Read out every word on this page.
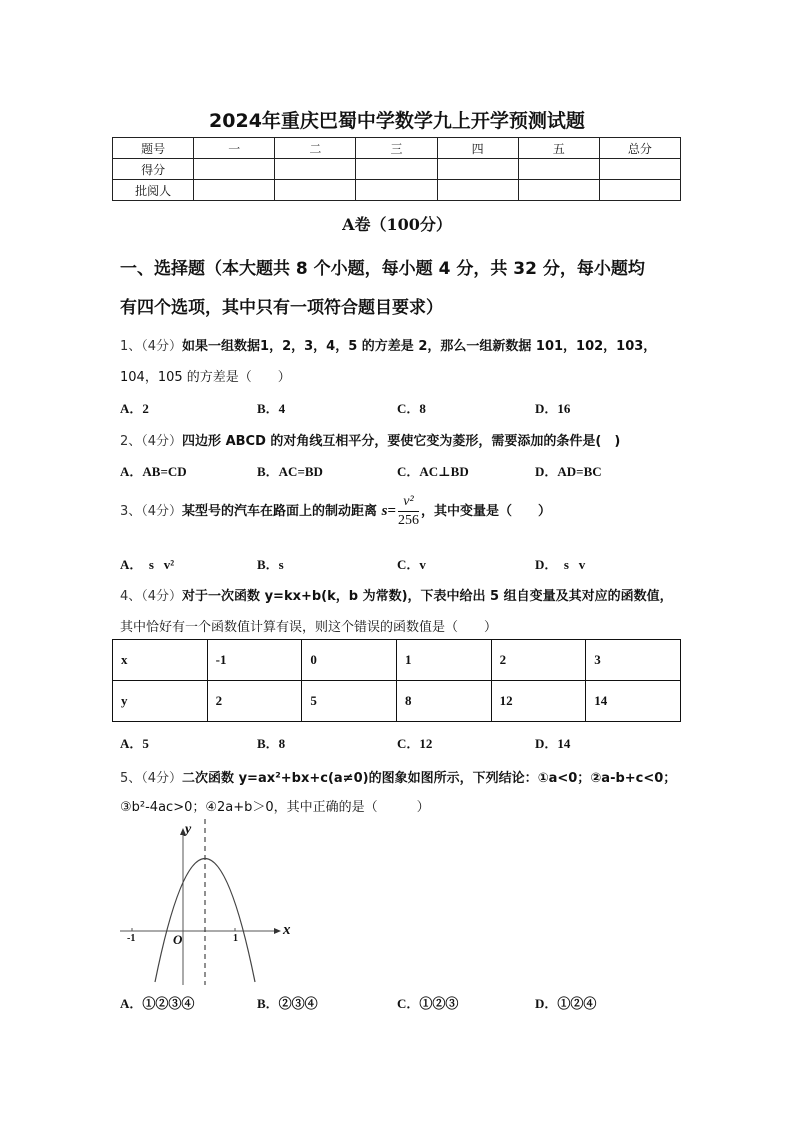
2024年重庆巴蜀中学数学九上开学预测试题
题号	一	二	三	四	五	总分
得分						
批阅人						
A卷（100分）
一、选择题（本大题共 8 个小题，每小题 4 分，共 32 分，每小题均
有四个选项，其中只有一项符合题目要求）
1、（4分）如果一组数据1，2，3，4，5 的方差是 2，那么一组新数据 101，102，103，
104，105 的方差是（　　）
A．2	B．4	C．8	D．16
2、（4分）四边形 ABCD 的对角线互相平分，要使它变为菱形，需要添加的条件是(　)
A．AB=CD	B．AC=BD	C．AC⊥BD	D．AD=BC
3、（4分）某型号的汽车在路面上的制动距离 $s= \frac{\text{v²}}{256}$ ，其中变量是（　　）
A．  s   v²	B．s	C．v	D．  s   v
4、（4分）对于一次函数 y=kx+b(k，b 为常数)，下表中给出 5 组自变量及其对应的函数值，
其中恰好有一个函数值计算有误，则这个错误的函数值是（　　）
x	-1	0	1	2	3
y	2	5	8	12	14
A．5	B．8	C．12	D．14
5、（4分）二次函数 y=ax²+bx+c(a≠0)的图象如图所示，下列结论：①a<0；②a-b+c<0；
③b²-4ac>0；④2a+b＞0，其中正确的是（　　　）
y
x
O
-1	1
A．①②③④	B．②③④	C．①②③	D．①②④
